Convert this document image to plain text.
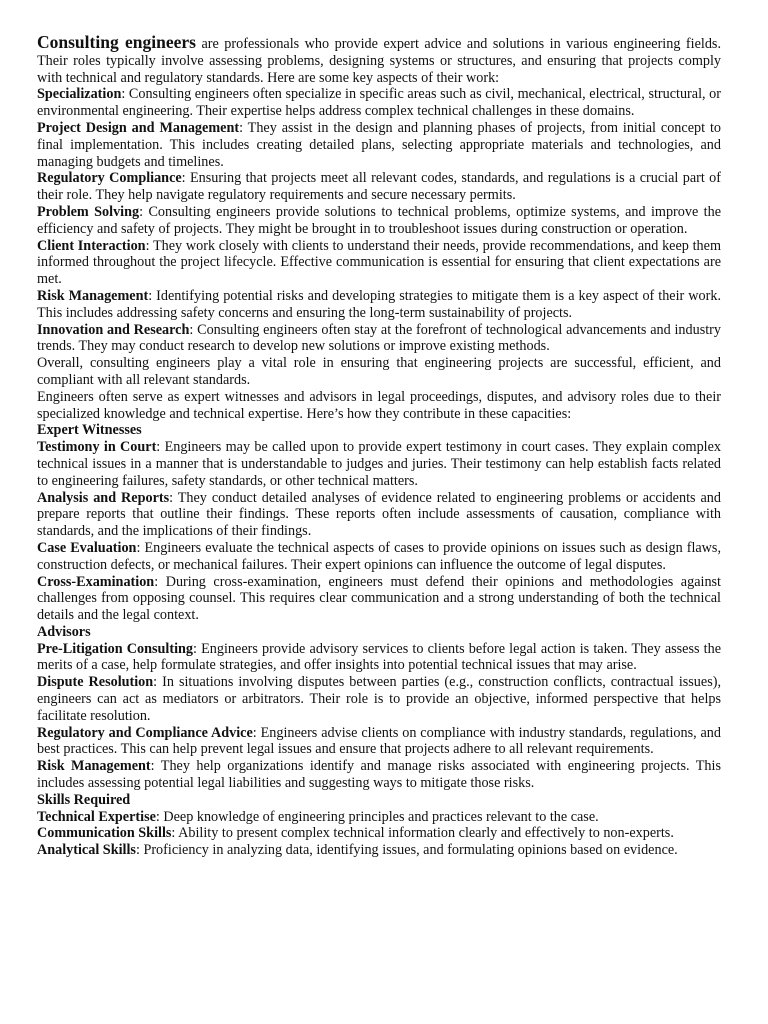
Consulting engineers are professionals who provide expert advice and solutions in various engineering fields. Their roles typically involve assessing problems, designing systems or structures, and ensuring that projects comply with technical and regulatory standards. Here are some key aspects of their work:

Specialization: Consulting engineers often specialize in specific areas such as civil, mechanical, electrical, structural, or environmental engineering. Their expertise helps address complex technical challenges in these domains.

Project Design and Management: They assist in the design and planning phases of projects, from initial concept to final implementation. This includes creating detailed plans, selecting appropriate materials and technologies, and managing budgets and timelines.

Regulatory Compliance: Ensuring that projects meet all relevant codes, standards, and regulations is a crucial part of their role. They help navigate regulatory requirements and secure necessary permits.

Problem Solving: Consulting engineers provide solutions to technical problems, optimize systems, and improve the efficiency and safety of projects. They might be brought in to troubleshoot issues during construction or operation.

Client Interaction: They work closely with clients to understand their needs, provide recommendations, and keep them informed throughout the project lifecycle. Effective communication is essential for ensuring that client expectations are met.

Risk Management: Identifying potential risks and developing strategies to mitigate them is a key aspect of their work. This includes addressing safety concerns and ensuring the long-term sustainability of projects.

Innovation and Research: Consulting engineers often stay at the forefront of technological advancements and industry trends. They may conduct research to develop new solutions or improve existing methods.

Overall, consulting engineers play a vital role in ensuring that engineering projects are successful, efficient, and compliant with all relevant standards.

Engineers often serve as expert witnesses and advisors in legal proceedings, disputes, and advisory roles due to their specialized knowledge and technical expertise. Here’s how they contribute in these capacities:

Expert Witnesses

Testimony in Court: Engineers may be called upon to provide expert testimony in court cases. They explain complex technical issues in a manner that is understandable to judges and juries. Their testimony can help establish facts related to engineering failures, safety standards, or other technical matters.

Analysis and Reports: They conduct detailed analyses of evidence related to engineering problems or accidents and prepare reports that outline their findings. These reports often include assessments of causation, compliance with standards, and the implications of their findings.

Case Evaluation: Engineers evaluate the technical aspects of cases to provide opinions on issues such as design flaws, construction defects, or mechanical failures. Their expert opinions can influence the outcome of legal disputes.

Cross-Examination: During cross-examination, engineers must defend their opinions and methodologies against challenges from opposing counsel. This requires clear communication and a strong understanding of both the technical details and the legal context.

Advisors

Pre-Litigation Consulting: Engineers provide advisory services to clients before legal action is taken. They assess the merits of a case, help formulate strategies, and offer insights into potential technical issues that may arise.

Dispute Resolution: In situations involving disputes between parties (e.g., construction conflicts, contractual issues), engineers can act as mediators or arbitrators. Their role is to provide an objective, informed perspective that helps facilitate resolution.

Regulatory and Compliance Advice: Engineers advise clients on compliance with industry standards, regulations, and best practices. This can help prevent legal issues and ensure that projects adhere to all relevant requirements.

Risk Management: They help organizations identify and manage risks associated with engineering projects. This includes assessing potential legal liabilities and suggesting ways to mitigate those risks.

Skills Required

Technical Expertise: Deep knowledge of engineering principles and practices relevant to the case.

Communication Skills: Ability to present complex technical information clearly and effectively to non-experts.

Analytical Skills: Proficiency in analyzing data, identifying issues, and formulating opinions based on evidence.
